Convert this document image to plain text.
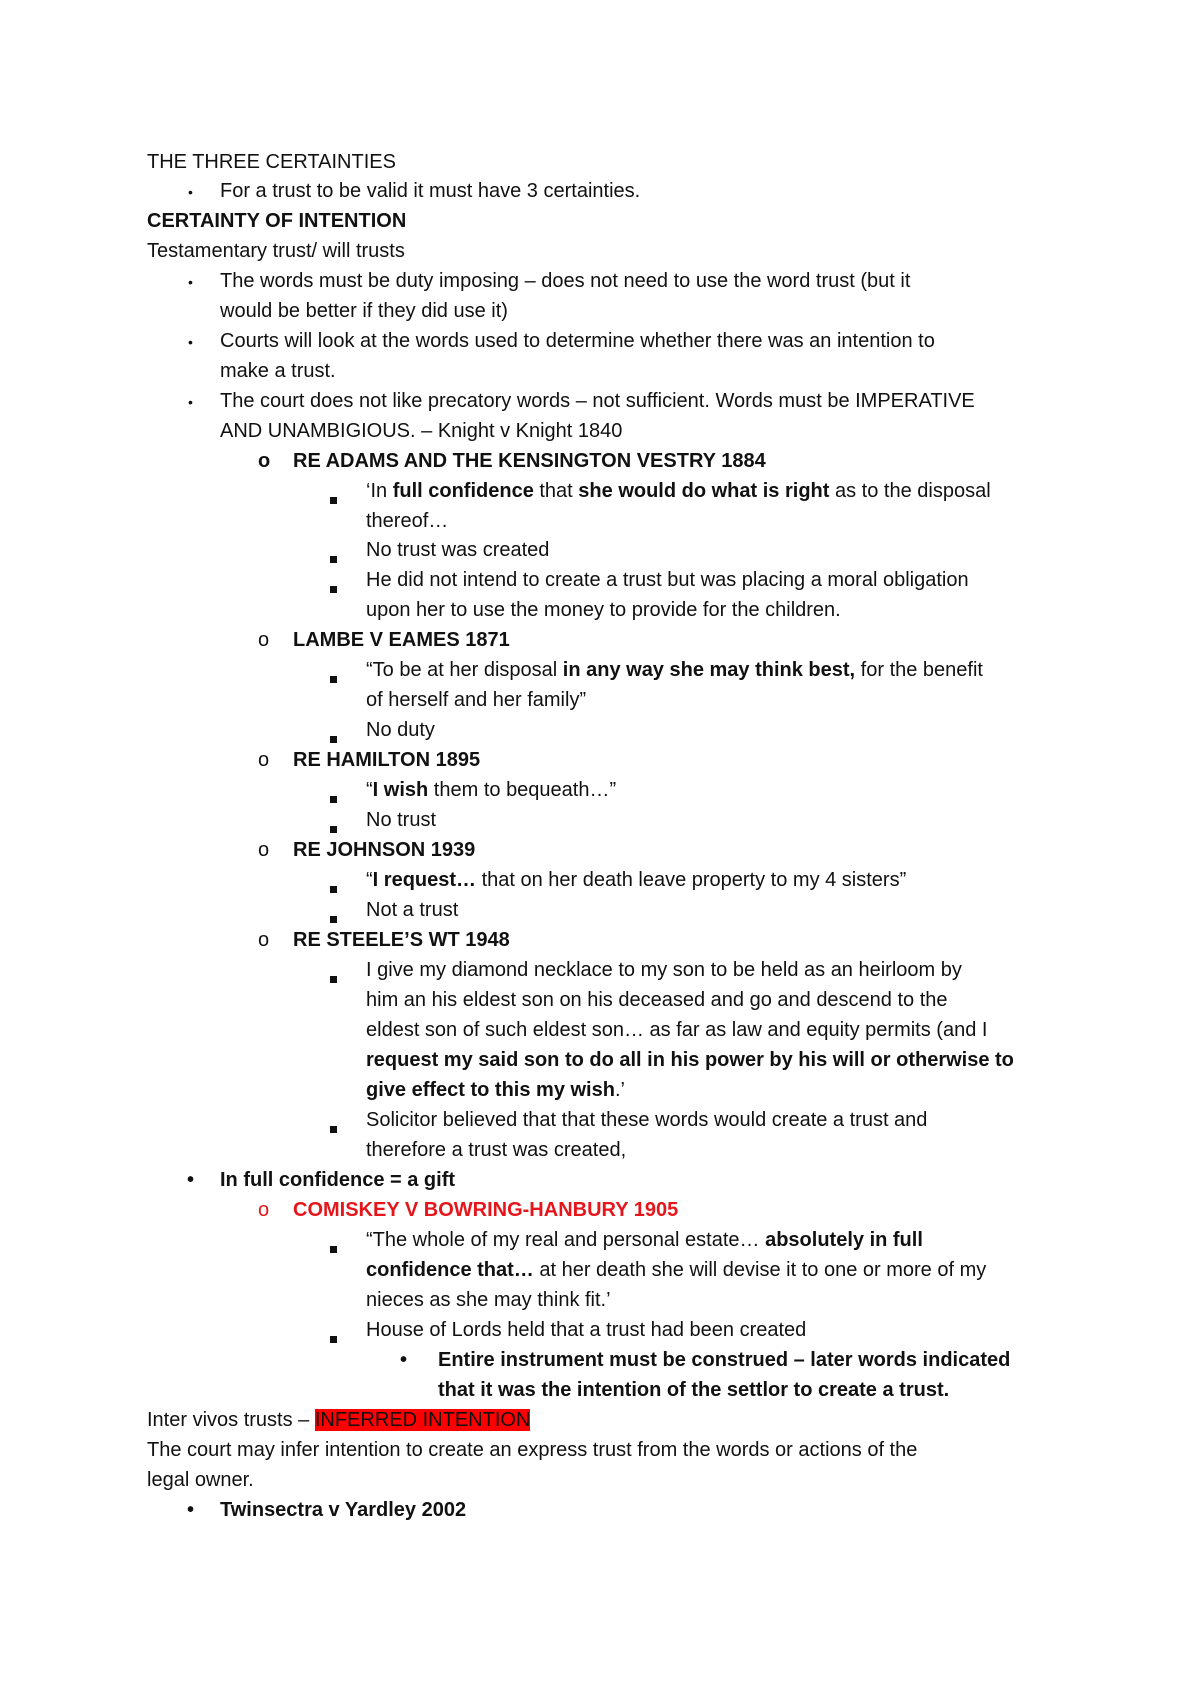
THE THREE CERTAINTIES
• For a trust to be valid it must have 3 certainties.
CERTAINTY OF INTENTION
Testamentary trust/ will trusts
• The words must be duty imposing – does not need to use the word trust (but it
would be better if they did use it)
• Courts will look at the words used to determine whether there was an intention to
make a trust.
• The court does not like precatory words – not sufficient. Words must be IMPERATIVE
AND UNAMBIGIOUS. – Knight v Knight 1840
o RE ADAMS AND THE KENSINGTON VESTRY 1884
‘In full confidence that she would do what is right as to the disposal
thereof…
No trust was created
He did not intend to create a trust but was placing a moral obligation
upon her to use the money to provide for the children.
o LAMBE V EAMES 1871
“To be at her disposal in any way she may think best, for the benefit
of herself and her family”
No duty
o RE HAMILTON 1895
“I wish them to bequeath…”
No trust
o RE JOHNSON 1939
“I request… that on her death leave property to my 4 sisters”
Not a trust
o RE STEELE’S WT 1948
I give my diamond necklace to my son to be held as an heirloom by
him an his eldest son on his deceased and go and descend to the
eldest son of such eldest son… as far as law and equity permits (and I
request my said son to do all in his power by his will or otherwise to
give effect to this my wish.’
Solicitor believed that that these words would create a trust and
therefore a trust was created,
• In full confidence = a gift
o COMISKEY V BOWRING-HANBURY 1905
“The whole of my real and personal estate… absolutely in full
confidence that… at her death she will devise it to one or more of my
nieces as she may think fit.’
House of Lords held that a trust had been created
• Entire instrument must be construed – later words indicated
that it was the intention of the settlor to create a trust.
Inter vivos trusts – INFERRED INTENTION
The court may infer intention to create an express trust from the words or actions of the
legal owner.
• Twinsectra v Yardley 2002
